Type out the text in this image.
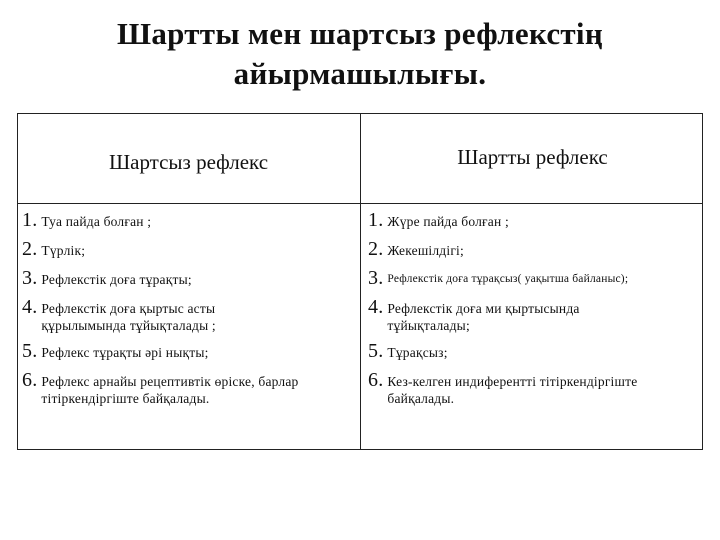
Шартты мен шартсыз рефлекстің
айырмашылығы.
Шартсыз рефлекс	Шартты рефлекс
1. Туа пайда болған ;
2. Түрлік;
3. Рефлекстік доға тұрақты;
4. Рефлекстік доға қыртыс асты құрылымында тұйықталады ;
5. Рефлекс тұрақты әрі нықты;
6. Рефлекс арнайы рецептивтік өріске, барлар тітіркендіргіште байқалады.
1. Жүре пайда болған ;
2. Жекешілдігі;
3. Рефлекстік доға тұрақсыз( уақытша байланыс);
4. Рефлекстік доға ми қыртысында тұйықталады;
5. Тұрақсыз;
6. Кез-келген индиферентті тітіркендіргіште байқалады.
